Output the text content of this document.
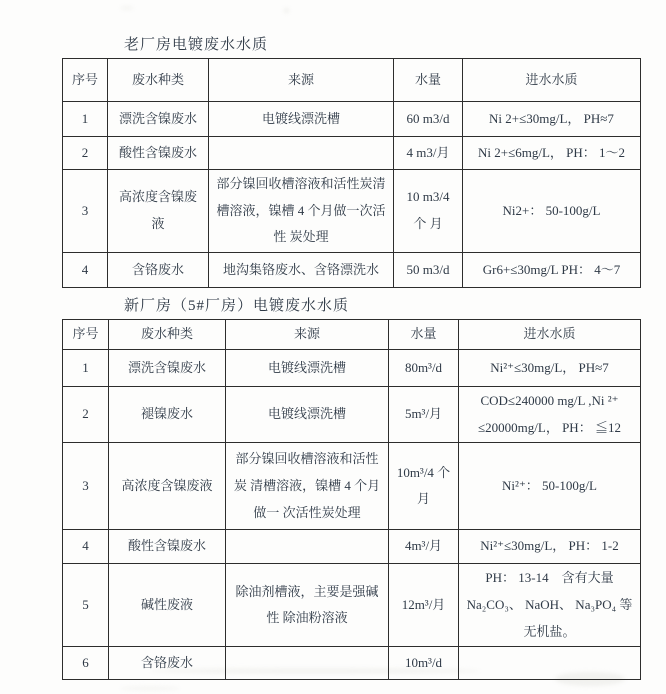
老厂房电镀废水水质
序号	废水种类	来源	水量	进水水质
1	漂洗含镍废水	电镀线漂洗槽	60 m3/d	Ni 2+≤30mg/L， PH≈7
2	酸性含镍废水		4 m3/月	Ni 2+≤6mg/L， PH： 1～2
3	高浓度含镍废液	部分镍回收槽溶液和活性炭清 槽溶液，镍槽 4 个月做一次活性 炭处理	10 m3/4 个 月	Ni2+： 50-100g/L
4	含铬废水	地沟集铬废水、含铬漂洗水	50 m3/d	Gr6+≤30mg/L PH： 4～7
新厂房（5#厂房）电镀废水水质
序号	废水种类	来源	水量	进水水质
1	漂洗含镍废水	电镀线漂洗槽	80m³/d	Ni²⁺≤30mg/L， PH≈7
2	褪镍废水	电镀线漂洗槽	5m³/月	COD≤240000 mg/L ,Ni ²⁺ ≤20000mg/L， PH： ≦12
3	高浓度含镍废液	部分镍回收槽溶液和活性炭 清槽溶液，镍槽 4 个月做一 次活性炭处理	10m³/4 个 月	Ni²⁺： 50-100g/L
4	酸性含镍废水		4m³/月	Ni²⁺≤30mg/L， PH： 1-2
5	碱性废液	除油剂槽液，主要是强碱性 除油粉溶液	12m³/月	PH： 13-14　含有大量 Na₂CO₃、 NaOH、 Na₃PO₄ 等无机盐。
6	含铬废水		10m³/d	
